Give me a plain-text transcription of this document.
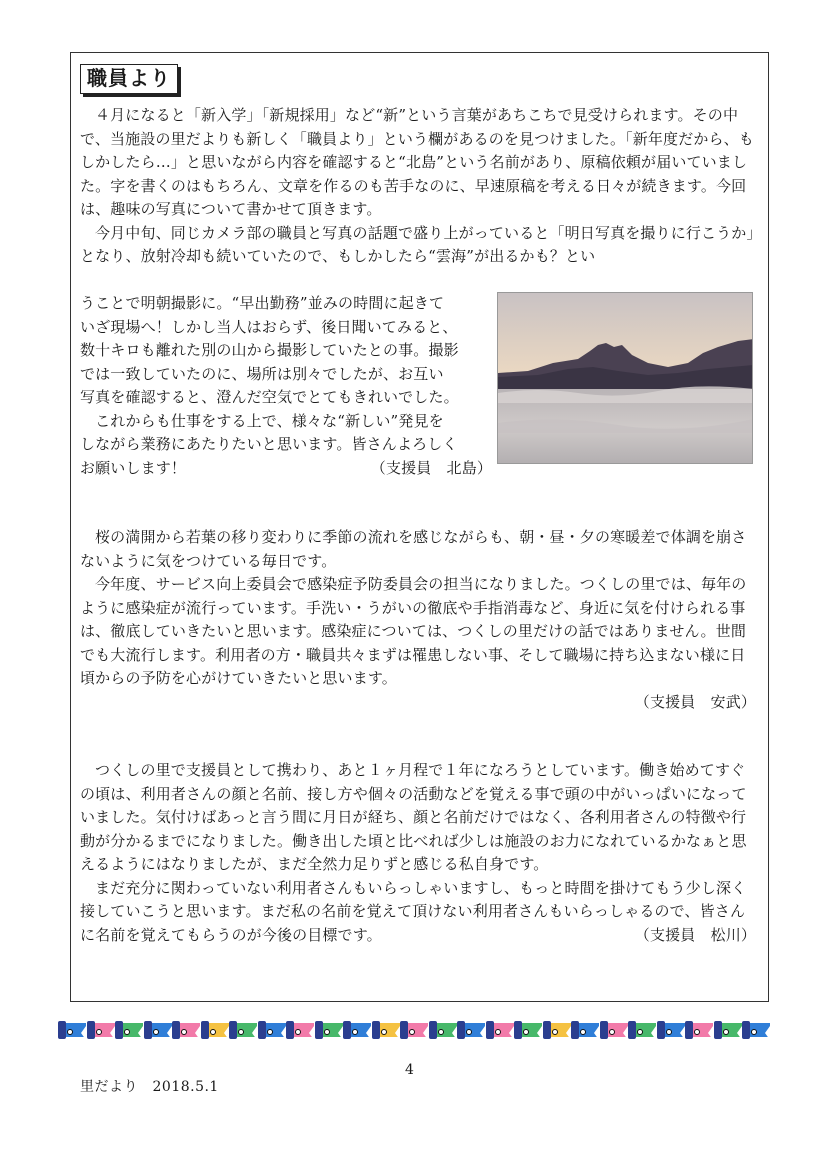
職員より

４月になると「新入学」「新規採用」など“新”という言葉があちこちで見受けられます。その中で、当施設の里だよりも新しく「職員より」という欄があるのを見つけました。「新年度だから、もしかしたら…」と思いながら内容を確認すると“北島”という名前があり、原稿依頼が届いていました。字を書くのはもちろん、文章を作るのも苦手なのに、早速原稿を考える日々が続きます。今回は、趣味の写真について書かせて頂きます。

今月中旬、同じカメラ部の職員と写真の話題で盛り上がっていると「明日写真を撮りに行こうか」となり、放射冷却も続いていたので、もしかしたら“雲海”が出るかも？とい

うことで明朝撮影に。“早出勤務”並みの時間に起きて

いざ現場へ！しかし当人はおらず、後日聞いてみると、

数十キロも離れた別の山から撮影していたとの事。撮影

では一致していたのに、場所は別々でしたが、お互い

写真を確認すると、澄んだ空気でとてもきれいでした。

　これからも仕事をする上で、様々な“新しい”発見を

しながら業務にあたりたいと思います。皆さんよろしく

お願いします！	（支援員　北島）

桜の満開から若葉の移り変わりに季節の流れを感じながらも、朝・昼・夕の寒暖差で体調を崩さないように気をつけている毎日です。

今年度、サービス向上委員会で感染症予防委員会の担当になりました。つくしの里では、毎年のように感染症が流行っています。手洗い・うがいの徹底や手指消毒など、身近に気を付けられる事は、徹底していきたいと思います。感染症については、つくしの里だけの話ではありません。世間でも大流行します。利用者の方・職員共々まずは罹患しない事、そして職場に持ち込まない様に日頃からの予防を心がけていきたいと思います。

（支援員　安武）

つくしの里で支援員として携わり、あと１ヶ月程で１年になろうとしています。働き始めてすぐの頃は、利用者さんの顔と名前、接し方や個々の活動などを覚える事で頭の中がいっぱいになっていました。気付けばあっと言う間に月日が経ち、顔と名前だけではなく、各利用者さんの特徴や行動が分かるまでになりました。働き出した頃と比べれば少しは施設のお力になれているかなぁと思えるようにはなりましたが、まだ全然力足りずと感じる私自身です。

まだ充分に関わっていない利用者さんもいらっしゃいますし、もっと時間を掛けてもう少し深く接していこうと思います。まだ私の名前を覚えて頂けない利用者さんもいらっしゃるので、皆さんに名前を覚えてもらうのが今後の目標です。	（支援員　松川）

4
里だより　2018.5.1
